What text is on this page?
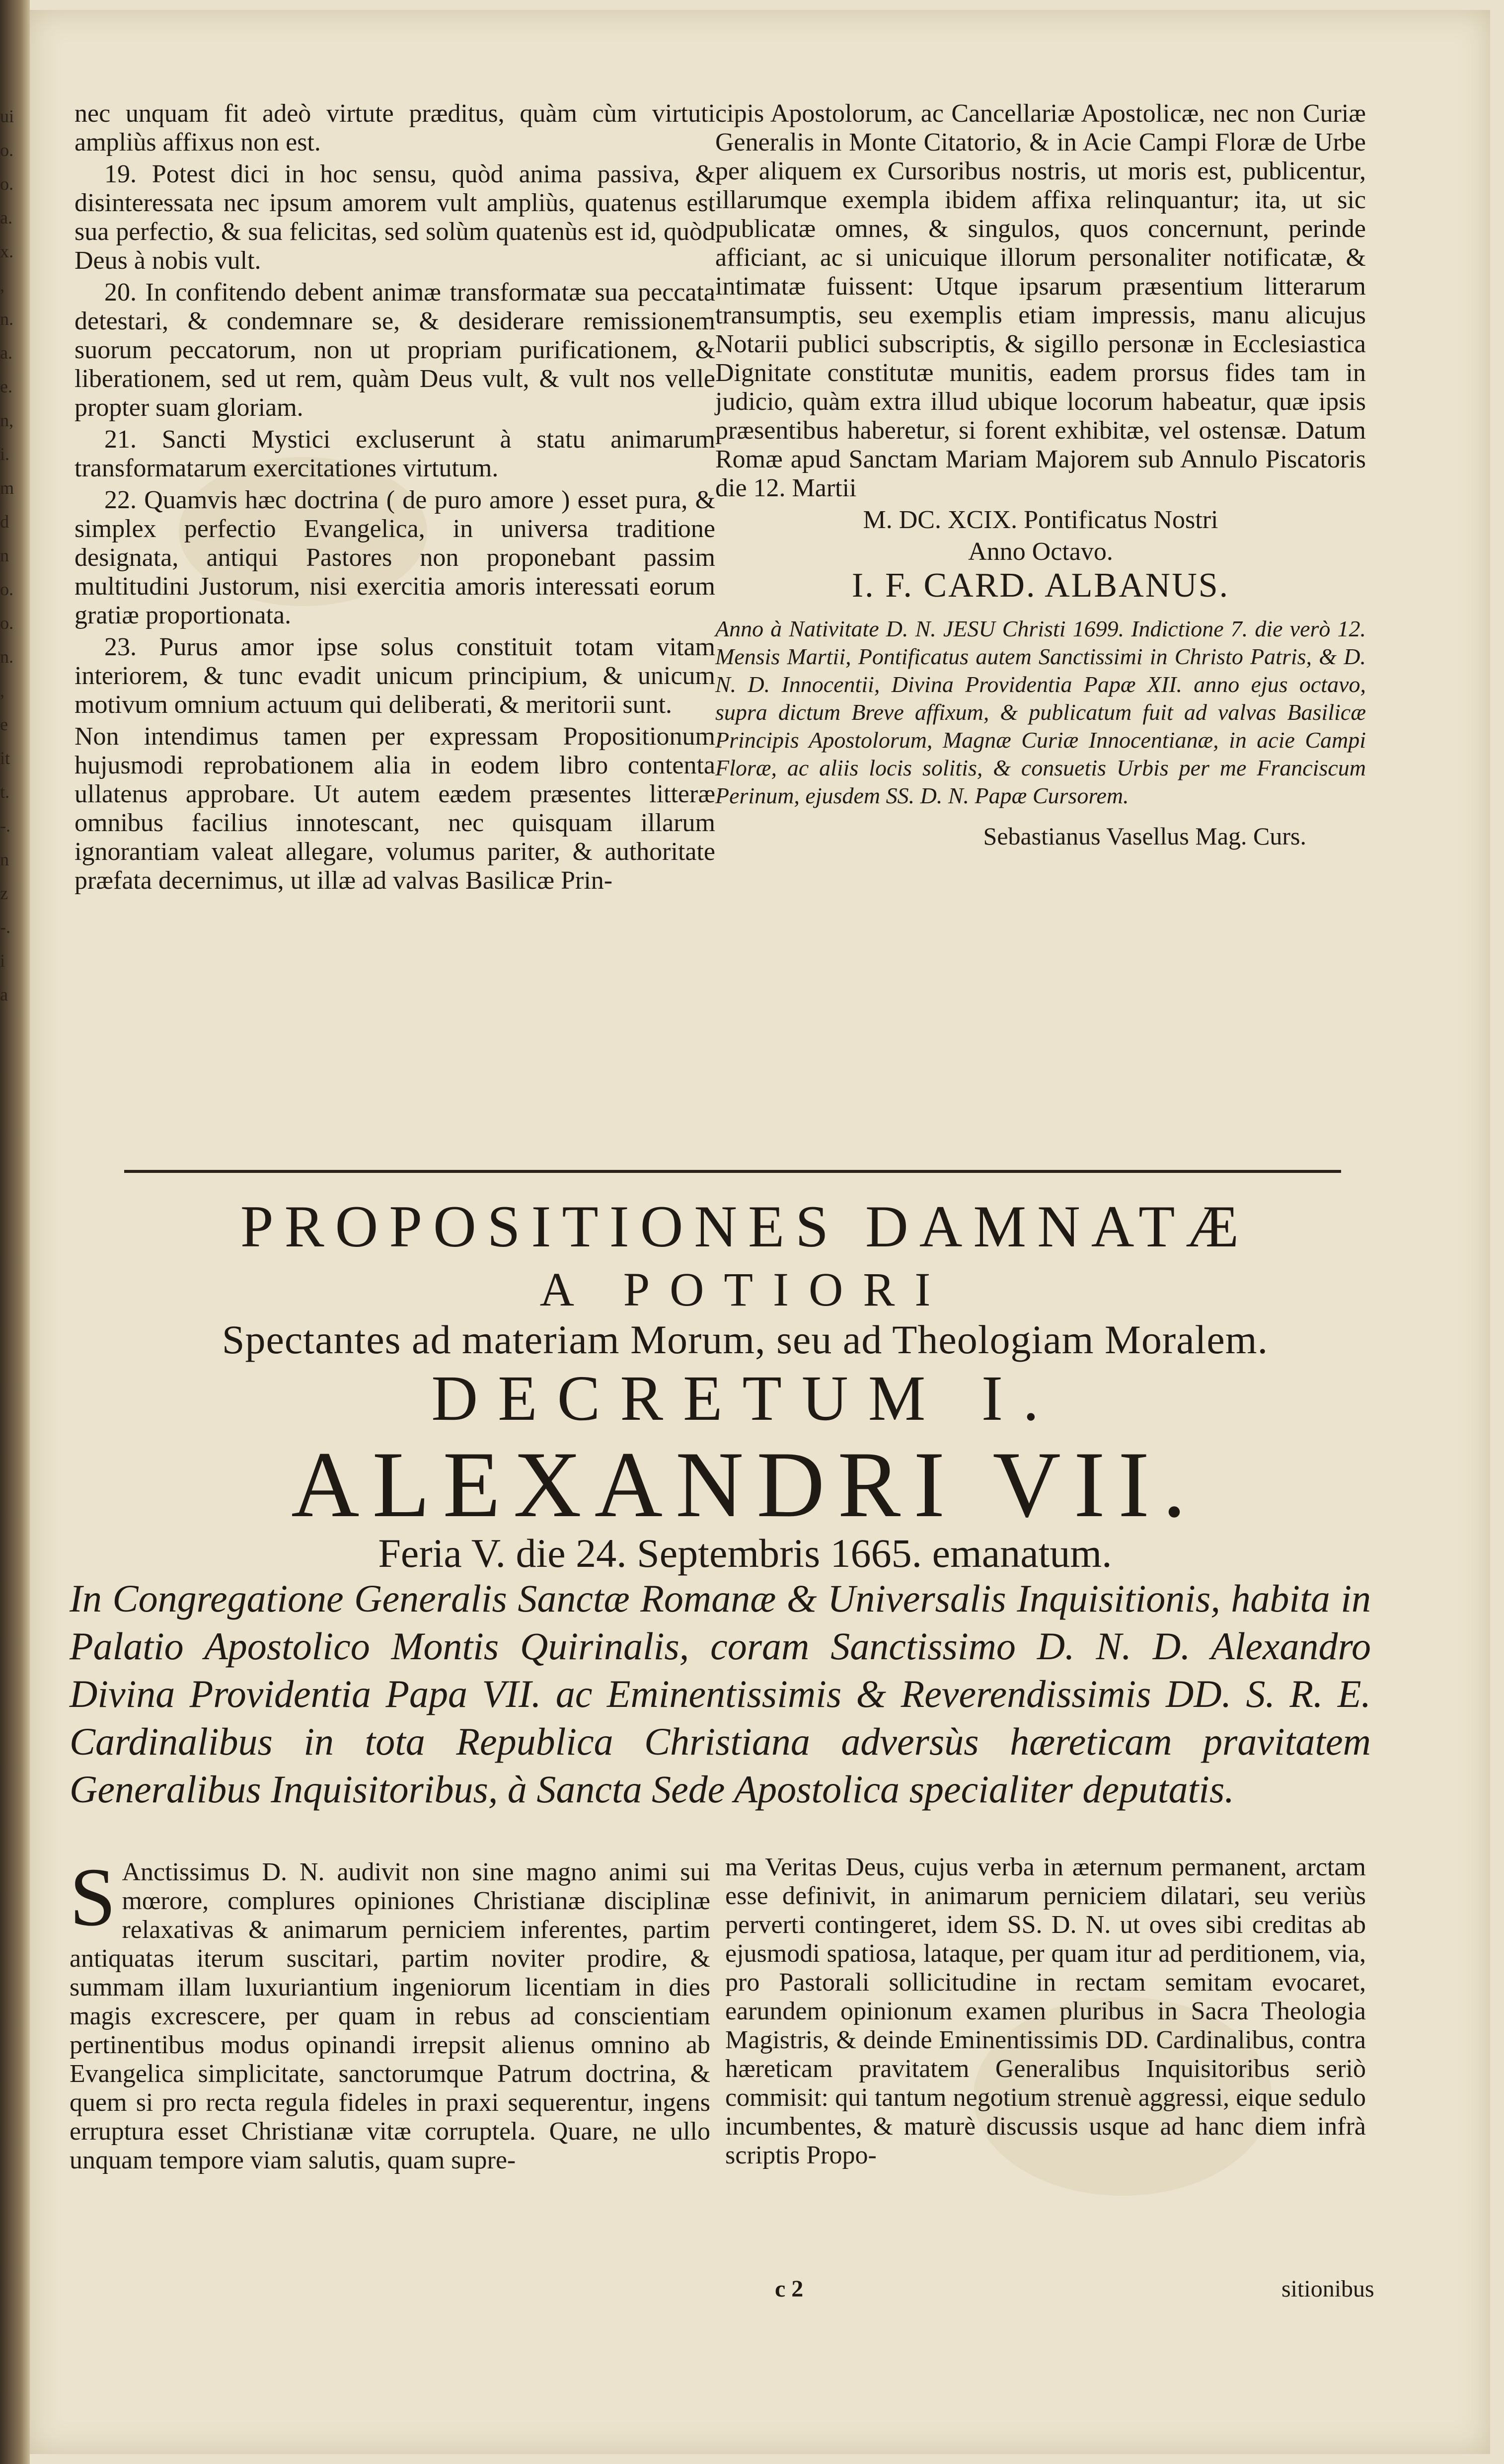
ui
o.
o.
a.
x.
,
n.
a.
e.
n,
i.
m
d
n
o.
o.
n.
,
e
it
t.
-.
n
z
-.
i
a

nec unquam fit adeò virtute præditus, quàm cùm virtuti ampliùs affixus non est.

19. Potest dici in hoc sensu, quòd anima passiva, & disinteressata nec ipsum amorem vult ampliùs, quatenus est sua perfectio, & sua felicitas, sed solùm quatenùs est id, quòd Deus à nobis vult.

20. In confitendo debent animæ transformatæ sua peccata detestari, & condemnare se, & desiderare remissionem suorum peccatorum, non ut propriam purificationem, & liberationem, sed ut rem, quàm Deus vult, & vult nos velle propter suam gloriam.

21. Sancti Mystici excluserunt à statu animarum transformatarum exercitationes virtutum.

22. Quamvis hæc doctrina ( de puro amore ) esset pura, & simplex perfectio Evangelica, in universa traditione designata, antiqui Pastores non proponebant passim multitudini Justorum, nisi exercitia amoris interessati eorum gratiæ proportionata.

23. Purus amor ipse solus constituit totam vitam interiorem, & tunc evadit unicum principium, & unicum motivum omnium actuum qui deliberati, & meritorii sunt.

Non intendimus tamen per expressam Propositionum hujusmodi reprobationem alia in eodem libro contenta ullatenus approbare. Ut autem eædem præsentes litteræ omnibus facilius innotescant, nec quisquam illarum ignorantiam valeat allegare, volumus pariter, & authoritate præfata decernimus, ut illæ ad valvas Basilicæ Prin-

cipis Apostolorum, ac Cancellariæ Apostolicæ, nec non Curiæ Generalis in Monte Citatorio, & in Acie Campi Floræ de Urbe per aliquem ex Cursoribus nostris, ut moris est, publicentur, illarumque exempla ibidem affixa relinquantur; ita, ut sic publicatæ omnes, & singulos, quos concernunt, perinde afficiant, ac si unicuique illorum personaliter notificatæ, & intimatæ fuissent: Utque ipsarum præsentium litterarum transumptis, seu exemplis etiam impressis, manu alicujus Notarii publici subscriptis, & sigillo personæ in Ecclesiastica Dignitate constitutæ munitis, eadem prorsus fides tam in judicio, quàm extra illud ubique locorum habeatur, quæ ipsis præsentibus haberetur, si forent exhibitæ, vel ostensæ. Datum Romæ apud Sanctam Mariam Majorem sub Annulo Piscatoris die 12. Martii

M. DC. XCIX. Pontificatus Nostri

Anno Octavo.

I. F. CARD. ALBANUS.

Anno à Nativitate D. N. JESU Christi 1699. Indictione 7. die verò 12. Mensis Martii, Pontificatus autem Sanctissimi in Christo Patris, & D. N. D. Innocentii, Divina Providentia Papæ XII. anno ejus octavo, supra dictum Breve affixum, & publicatum fuit ad valvas Basilicæ Principis Apostolorum, Magnæ Curiæ Innocentianæ, in acie Campi Floræ, ac aliis locis solitis, & consuetis Urbis per me Franciscum Perinum, ejusdem SS. D. N. Papæ Cursorem.

Sebastianus Vasellus Mag. Curs.

PROPOSITIONES DAMNATÆ
A POTIORI
Spectantes ad materiam Morum, seu ad Theologiam Moralem.
DECRETUM I.
ALEXANDRI VII.
Feria V. die 24. Septembris 1665. emanatum.
In Congregatione Generalis Sanctæ Romanæ & Universalis Inquisitionis, habita in Palatio Apostolico Montis Quirinalis, coram Sanctissimo D. N. D. Alexandro Divina Providentia Papa VII. ac Eminentissimis & Reverendissimis DD. S. R. E. Cardinalibus in tota Republica Christiana adversùs hæreticam pravitatem Generalibus Inquisitoribus, à Sancta Sede Apostolica specialiter deputatis.

S Anctissimus D. N. audivit non sine magno animi sui mœrore, complures opiniones Christianæ disciplinæ relaxativas & animarum perniciem inferentes, partim antiquatas iterum suscitari, partim noviter prodire, & summam illam luxuriantium ingeniorum licentiam in dies magis excrescere, per quam in rebus ad conscientiam pertinentibus modus opinandi irrepsit alienus omnino ab Evangelica simplicitate, sanctorumque Patrum doctrina, & quem si pro recta regula fideles in praxi sequerentur, ingens erruptura esset Christianæ vitæ corruptela. Quare, ne ullo unquam tempore viam salutis, quam supre-

ma Veritas Deus, cujus verba in æternum permanent, arctam esse definivit, in animarum perniciem dilatari, seu veriùs perverti contingeret, idem SS. D. N. ut oves sibi creditas ab ejusmodi spatiosa, lataque, per quam itur ad perditionem, via, pro Pastorali sollicitudine in rectam semitam evocaret, earundem opinionum examen pluribus in Sacra Theologia Magistris, & deinde Eminentissimis DD. Cardinalibus, contra hæreticam pravitatem Generalibus Inquisitoribus seriò commisit: qui tantum negotium strenuè aggressi, eique sedulo incumbentes, & maturè discussis usque ad hanc diem infrà scriptis Propo-

c 2	sitionibus
